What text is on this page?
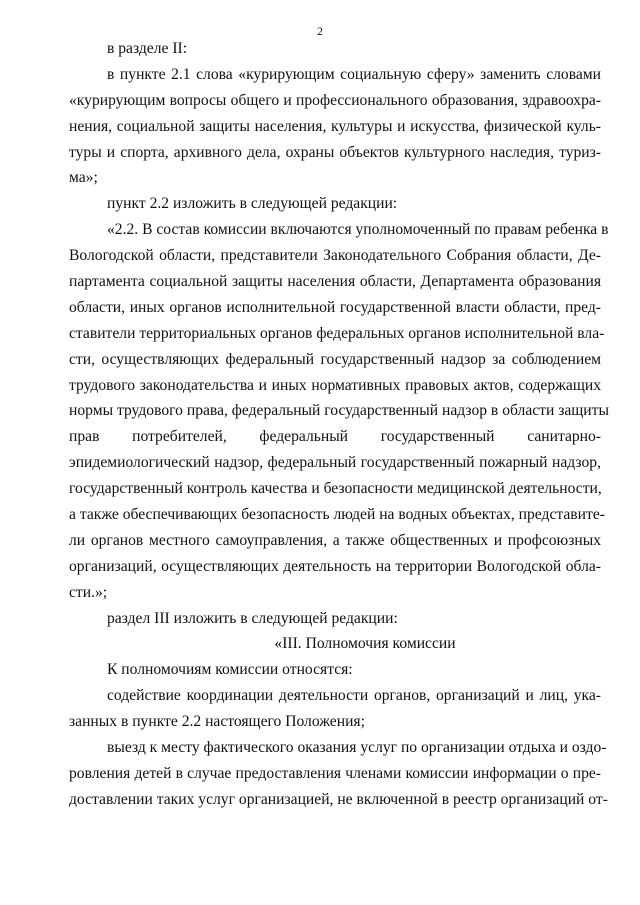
2
в разделе II:
в пункте 2.1 слова «курирующим социальную сферу» заменить словами
«курирующим вопросы общего и профессионального образования, здравоохра-
нения, социальной защиты населения, культуры и искусства, физической куль-
туры и спорта, архивного дела, охраны объектов культурного наследия, туриз-
ма»;
пункт 2.2 изложить в следующей редакции:
«2.2. В состав комиссии включаются уполномоченный по правам ребенка в
Вологодской области, представители Законодательного Собрания области, Де-
партамента социальной защиты населения области, Департамента образования
области, иных органов исполнительной государственной власти области, пред-
ставители территориальных органов федеральных органов исполнительной вла-
сти, осуществляющих федеральный государственный надзор за соблюдением
трудового законодательства и иных нормативных правовых актов, содержащих
нормы трудового права, федеральный государственный надзор в области защиты
прав потребителей, федеральный государственный санитарно-
эпидемиологический надзор, федеральный государственный пожарный надзор,
государственный контроль качества и безопасности медицинской деятельности,
а также обеспечивающих безопасность людей на водных объектах, представите-
ли органов местного самоуправления, а также общественных и профсоюзных
организаций, осуществляющих деятельность на территории Вологодской обла-
сти.»;
раздел III изложить в следующей редакции:
«III. Полномочия комиссии
К полномочиям комиссии относятся:
содействие координации деятельности органов, организаций и лиц, ука-
занных в пункте 2.2 настоящего Положения;
выезд к месту фактического оказания услуг по организации отдыха и оздо-
ровления детей в случае предоставления членами комиссии информации о пре-
доставлении таких услуг организацией, не включенной в реестр организаций от-
